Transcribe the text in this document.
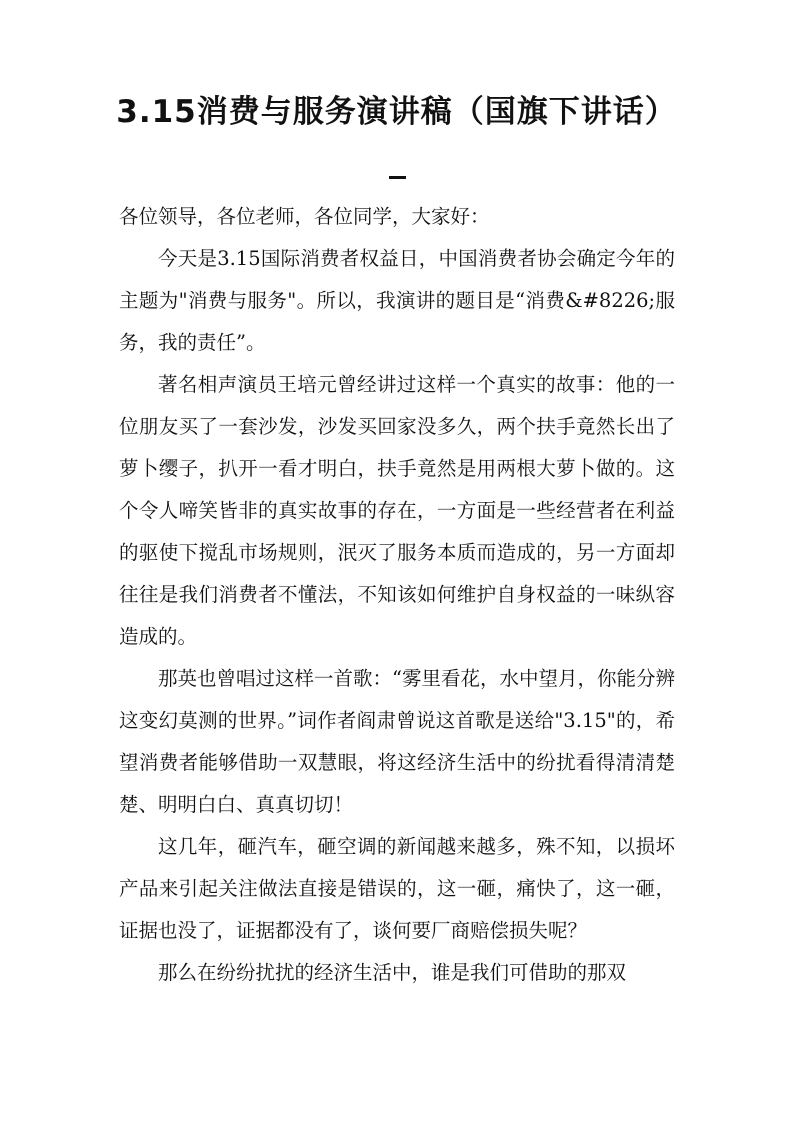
3.15消费与服务演讲稿（国旗下讲话）

各位领导，各位老师，各位同学，大家好：

今天是3.15国际消费者权益日，中国消费者协会确定今年的主题为"消费与服务"。所以，我演讲的题目是“消费&#8226;服务，我的责任”。

著名相声演员王培元曾经讲过这样一个真实的故事：他的一位朋友买了一套沙发，沙发买回家没多久，两个扶手竟然长出了萝卜缨子，扒开一看才明白，扶手竟然是用两根大萝卜做的。这个令人啼笑皆非的真实故事的存在，一方面是一些经营者在利益的驱使下搅乱市场规则，泯灭了服务本质而造成的，另一方面却往往是我们消费者不懂法，不知该如何维护自身权益的一味纵容造成的。

那英也曾唱过这样一首歌：“雾里看花，水中望月，你能分辨这变幻莫测的世界。”词作者阎肃曾说这首歌是送给"3.15"的，希望消费者能够借助一双慧眼，将这经济生活中的纷扰看得清清楚楚、明明白白、真真切切！

这几年，砸汽车，砸空调的新闻越来越多，殊不知，以损坏产品来引起关注做法直接是错误的，这一砸，痛快了，这一砸，证据也没了，证据都没有了，谈何要厂商赔偿损失呢？

那么在纷纷扰扰的经济生活中，谁是我们可借助的那双
